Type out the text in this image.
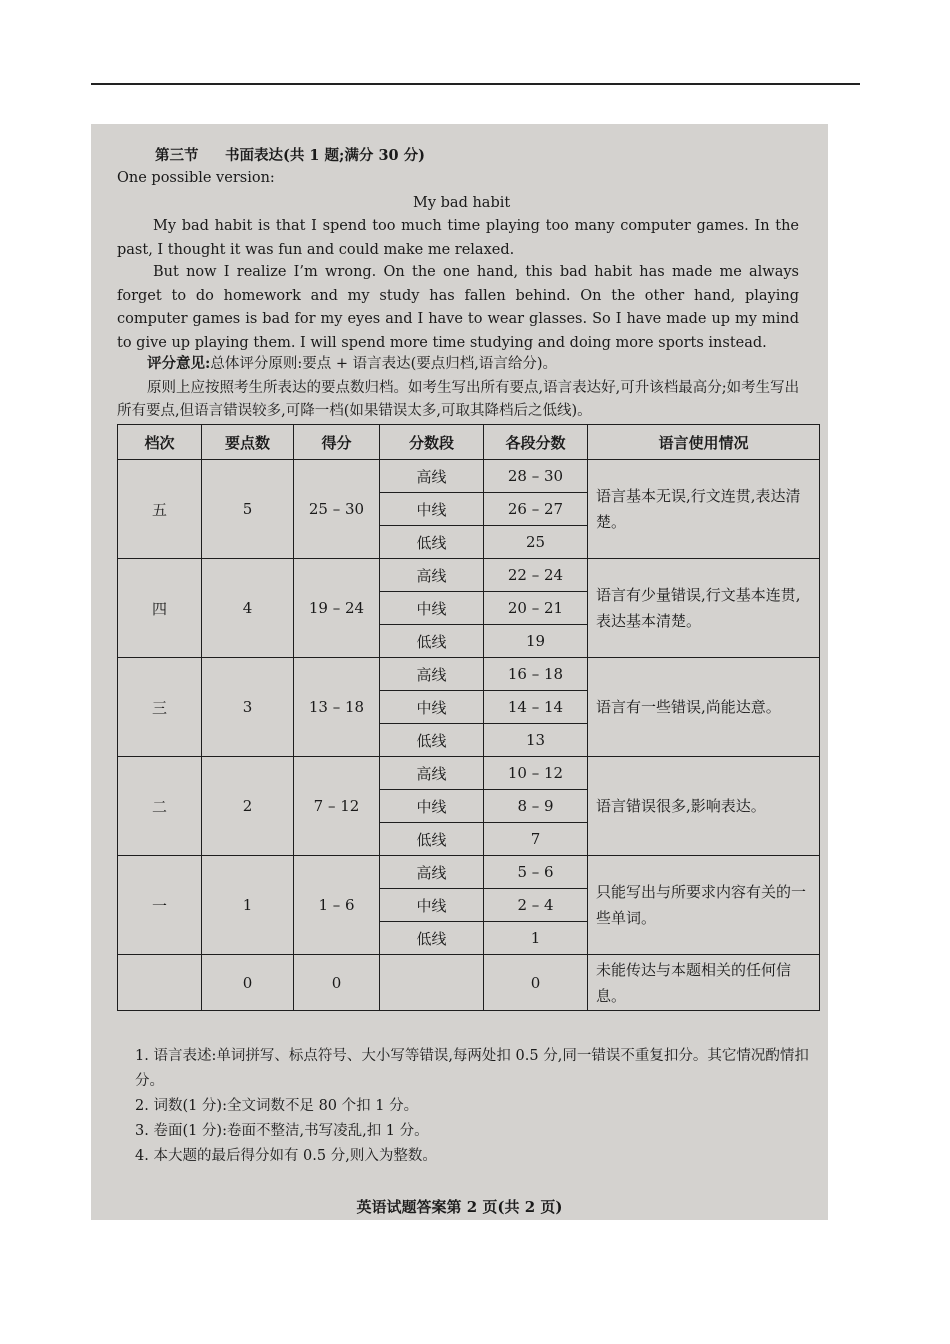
第三节 书面表达(共 1 题;满分 30 分)
One possible version:
My bad habit
My bad habit is that I spend too much time playing too many computer games. In the past, I thought it was fun and could make me relaxed.
But now I realize I’m wrong. On the one hand, this bad habit has made me always forget to do homework and my study has fallen behind. On the other hand, playing computer games is bad for my eyes and I have to wear glasses. So I have made up my mind to give up playing them. I will spend more time studying and doing more sports instead.
评分意见:总体评分原则:要点 + 语言表达(要点归档,语言给分)。
原则上应按照考生所表达的要点数归档。如考生写出所有要点,语言表达好,可升该档最高分;如考生写出所有要点,但语言错误较多,可降一档(如果错误太多,可取其降档后之低线)。
档次	要点数	得分	分数段	各段分数	语言使用情况
五	5	25 – 30	高线	28 – 30	语言基本无误,行文连贯,表达清楚。
			中线	26 – 27	
			低线	25	
四	4	19 – 24	高线	22 – 24	语言有少量错误,行文基本连贯,表达基本清楚。
			中线	20 – 21	
			低线	19	
三	3	13 – 18	高线	16 – 18	语言有一些错误,尚能达意。
			中线	14 – 14	
			低线	13	
二	2	7 – 12	高线	10 – 12	语言错误很多,影响表达。
			中线	8 – 9	
			低线	7	
一	1	1 – 6	高线	5 – 6	只能写出与所要求内容有关的一些单词。
			中线	2 – 4	
			低线	1	
	0	0		0	未能传达与本题相关的任何信息。
1. 语言表述:单词拼写、标点符号、大小写等错误,每两处扣 0.5 分,同一错误不重复扣分。其它情况酌情扣分。
2. 词数(1 分):全文词数不足 80 个扣 1 分。
3. 卷面(1 分):卷面不整洁,书写凌乱,扣 1 分。
4. 本大题的最后得分如有 0.5 分,则入为整数。
英语试题答案第 2 页(共 2 页)
